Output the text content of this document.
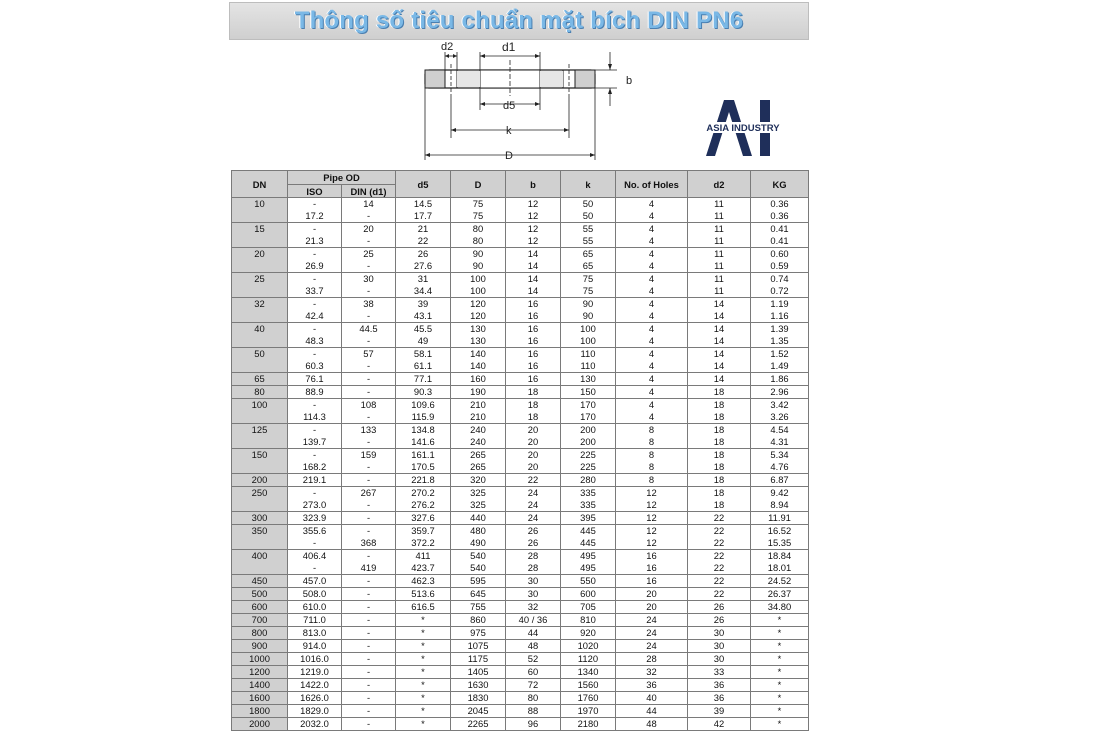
Thông số tiêu chuẩn mặt bích DIN PN6
d2	d1
b
d5
k
D
ASIA INDUSTRY
DN	Pipe OD		d5	D	b	k	No. of Holes	d2	KG
	ISO	DIN (d1)							
10	-	14	14.5	75	12	50	4	11	0.36
	17.2	-	17.7	75	12	50	4	11	0.36
15	-	20	21	80	12	55	4	11	0.41
	21.3	-	22	80	12	55	4	11	0.41
20	-	25	26	90	14	65	4	11	0.60
	26.9	-	27.6	90	14	65	4	11	0.59
25	-	30	31	100	14	75	4	11	0.74
	33.7	-	34.4	100	14	75	4	11	0.72
32	-	38	39	120	16	90	4	14	1.19
	42.4	-	43.1	120	16	90	4	14	1.16
40	-	44.5	45.5	130	16	100	4	14	1.39
	48.3	-	49	130	16	100	4	14	1.35
50	-	57	58.1	140	16	110	4	14	1.52
	60.3	-	61.1	140	16	110	4	14	1.49
65	76.1	-	77.1	160	16	130	4	14	1.86
80	88.9	-	90.3	190	18	150	4	18	2.96
100	-	108	109.6	210	18	170	4	18	3.42
	114.3	-	115.9	210	18	170	4	18	3.26
125	-	133	134.8	240	20	200	8	18	4.54
	139.7	-	141.6	240	20	200	8	18	4.31
150	-	159	161.1	265	20	225	8	18	5.34
	168.2	-	170.5	265	20	225	8	18	4.76
200	219.1	-	221.8	320	22	280	8	18	6.87
250	-	267	270.2	325	24	335	12	18	9.42
	273.0	-	276.2	325	24	335	12	18	8.94
300	323.9	-	327.6	440	24	395	12	22	11.91
350	355.6	-	359.7	480	26	445	12	22	16.52
	-	368	372.2	490	26	445	12	22	15.35
400	406.4	-	411	540	28	495	16	22	18.84
	-	419	423.7	540	28	495	16	22	18.01
450	457.0	-	462.3	595	30	550	16	22	24.52
500	508.0	-	513.6	645	30	600	20	22	26.37
600	610.0	-	616.5	755	32	705	20	26	34.80
700	711.0	-	*	860	40 / 36	810	24	26	*
800	813.0	-	*	975	44	920	24	30	*
900	914.0	-	*	1075	48	1020	24	30	*
1000	1016.0	-	*	1175	52	1120	28	30	*
1200	1219.0	-	*	1405	60	1340	32	33	*
1400	1422.0	-	*	1630	72	1560	36	36	*
1600	1626.0	-	*	1830	80	1760	40	36	*
1800	1829.0	-	*	2045	88	1970	44	39	*
2000	2032.0	-	*	2265	96	2180	48	42	*
